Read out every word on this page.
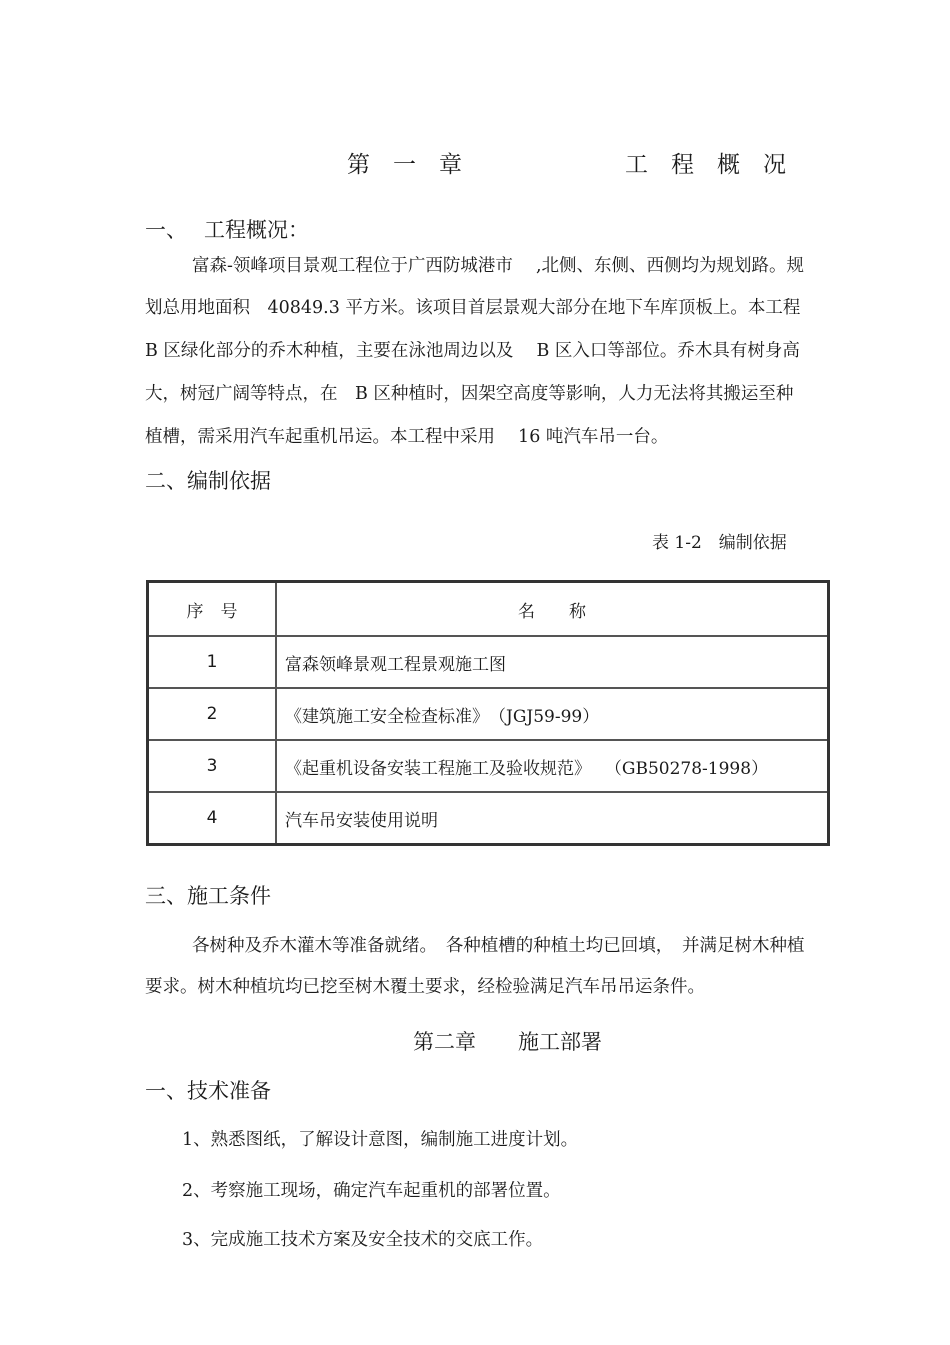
第　一　章	工　程　概　况
一、 工程概况：
富森-领峰项目景观工程位于广西防城港市　 ,北侧、东侧、西侧均为规划路。规
划总用地面积　40849.3 平方米。该项目首层景观大部分在地下车库顶板上。本工程
B 区绿化部分的乔木种植，主要在泳池周边以及　 B 区入口等部位。乔木具有树身高
大，树冠广阔等特点，在　B 区种植时，因架空高度等影响，人力无法将其搬运至种
植槽，需采用汽车起重机吊运。本工程中采用　 16 吨汽车吊一台。
二、编制依据
表 1-2　编制依据
序　号	名　　称
1	富森领峰景观工程景观施工图
2	《建筑施工安全检查标准》　（JGJ59-99）
3	《起重机设备安装工程施工及验收规范》　 （GB50278-1998）
4	汽车吊安装使用说明
三、施工条件
各树种及乔木灌木等准备就绪。　各种植槽的种植土均已回填，　并满足树木种植
要求。树木种植坑均已挖至树木覆土要求，经检验满足汽车吊吊运条件。
第二章　　施工部署
一、技术准备
1、熟悉图纸，了解设计意图，编制施工进度计划。
2、考察施工现场，确定汽车起重机的部署位置。
3、完成施工技术方案及安全技术的交底工作。
